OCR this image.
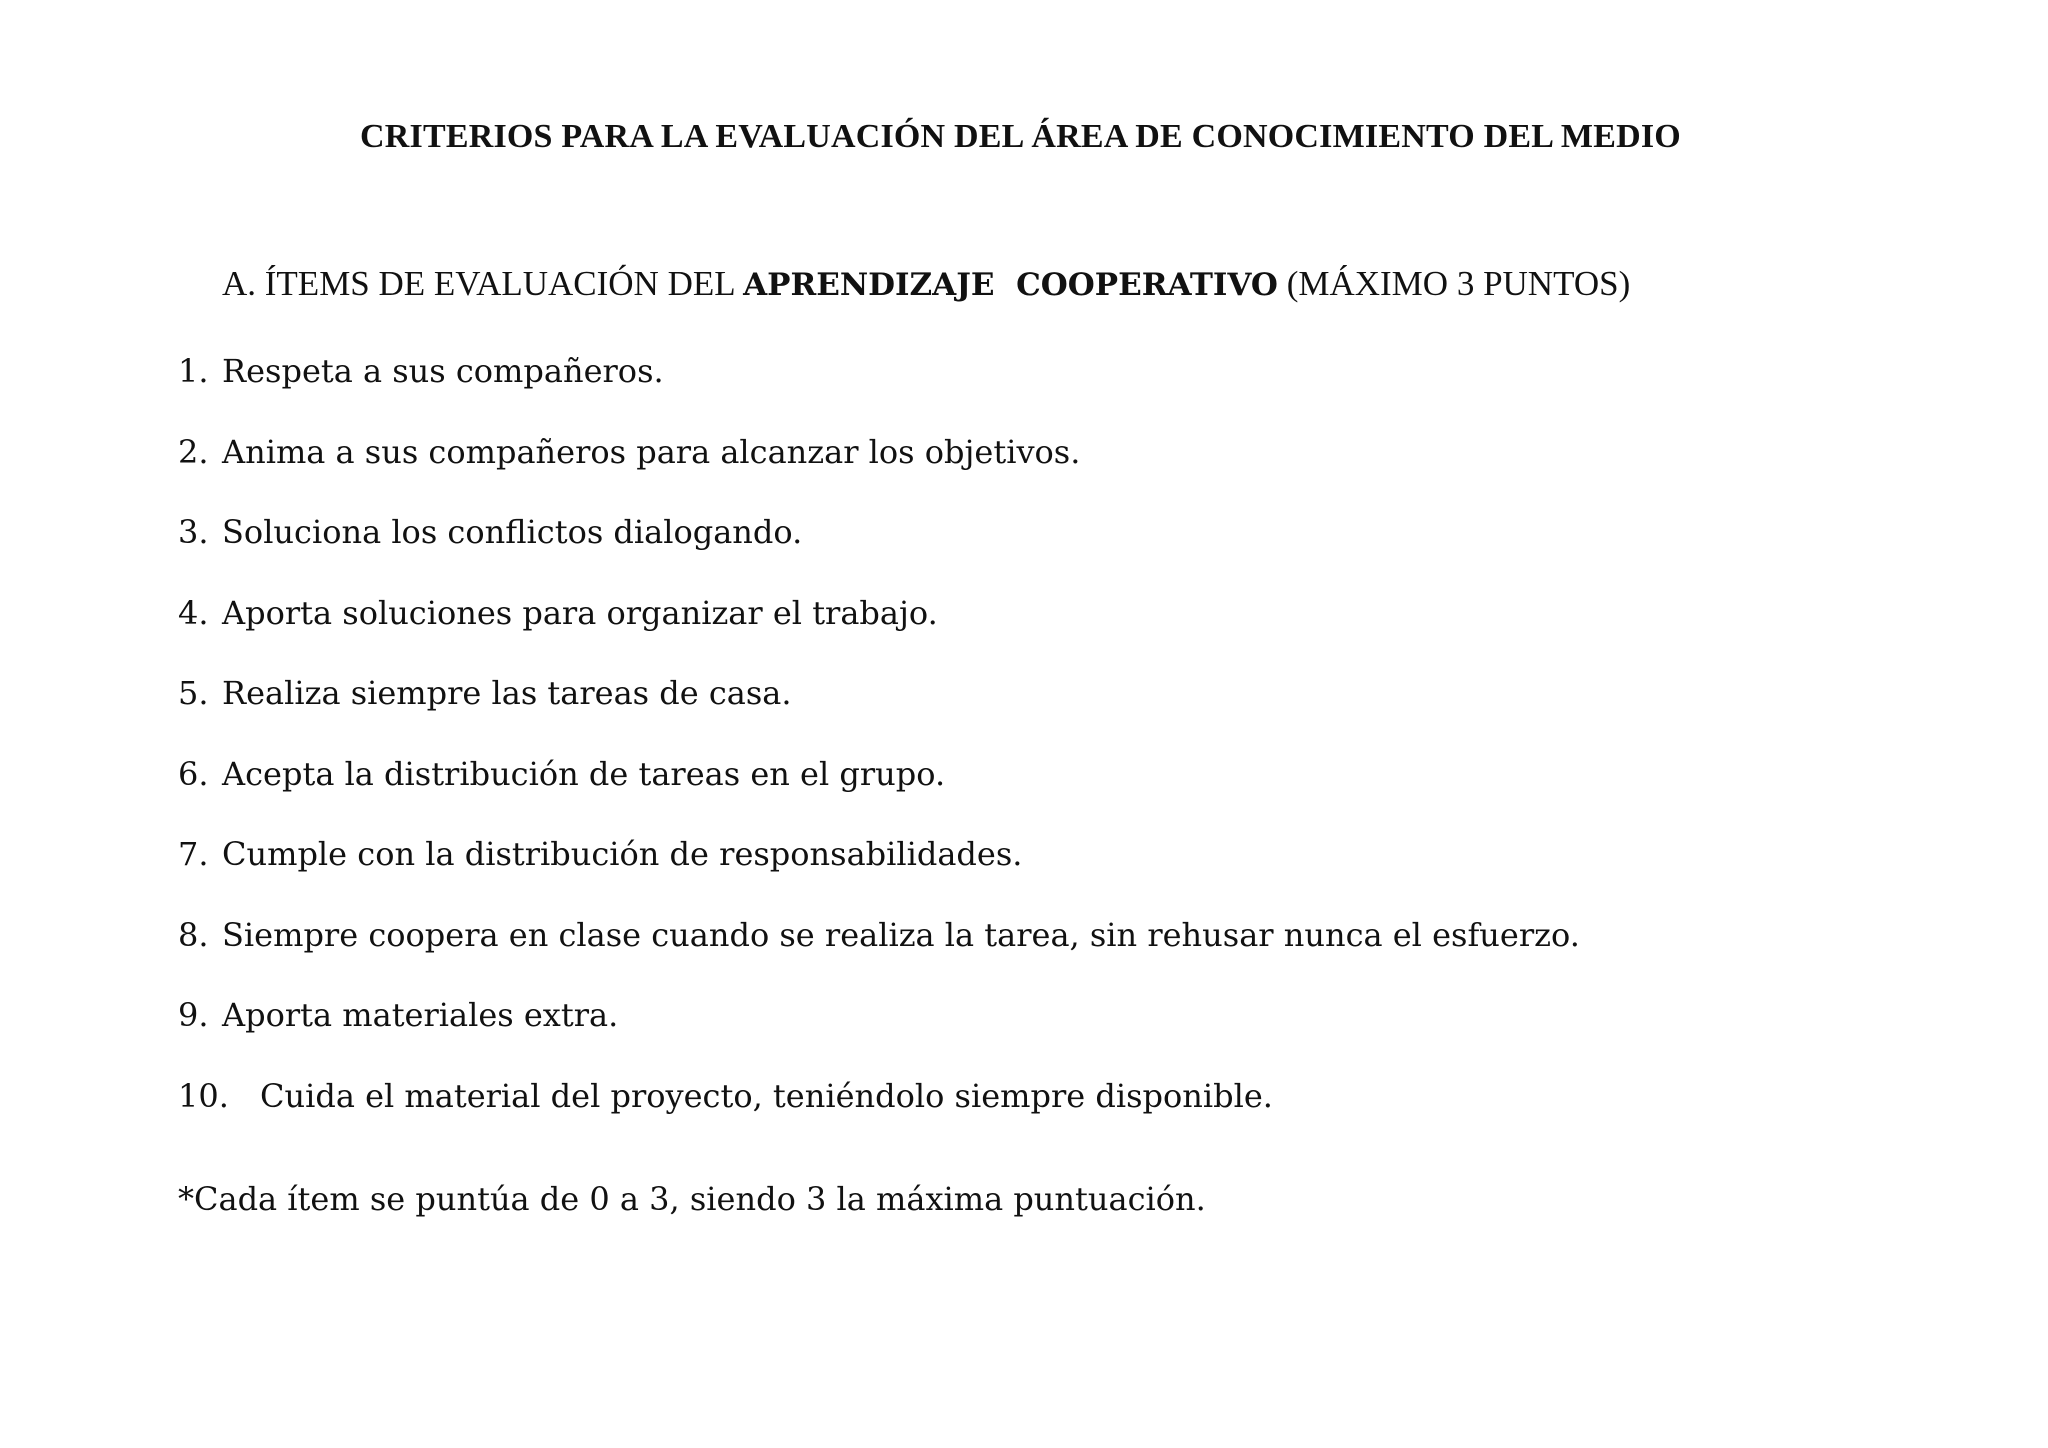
CRITERIOS PARA LA EVALUACIÓN DEL ÁREA DE CONOCIMIENTO DEL MEDIO
A. ÍTEMS DE EVALUACIÓN DEL APRENDIZAJE  COOPERATIVO (MÁXIMO 3 PUNTOS)
1. Respeta a sus compañeros.
2. Anima a sus compañeros para alcanzar los objetivos.
3. Soluciona los conflictos dialogando.
4. Aporta soluciones para organizar el trabajo.
5. Realiza siempre las tareas de casa.
6. Acepta la distribución de tareas en el grupo.
7. Cumple con la distribución de responsabilidades.
8. Siempre coopera en clase cuando se realiza la tarea, sin rehusar nunca el esfuerzo.
9. Aporta materiales extra.
10. Cuida el material del proyecto, teniéndolo siempre disponible.
*Cada ítem se puntúa de 0 a 3, siendo 3 la máxima puntuación.
